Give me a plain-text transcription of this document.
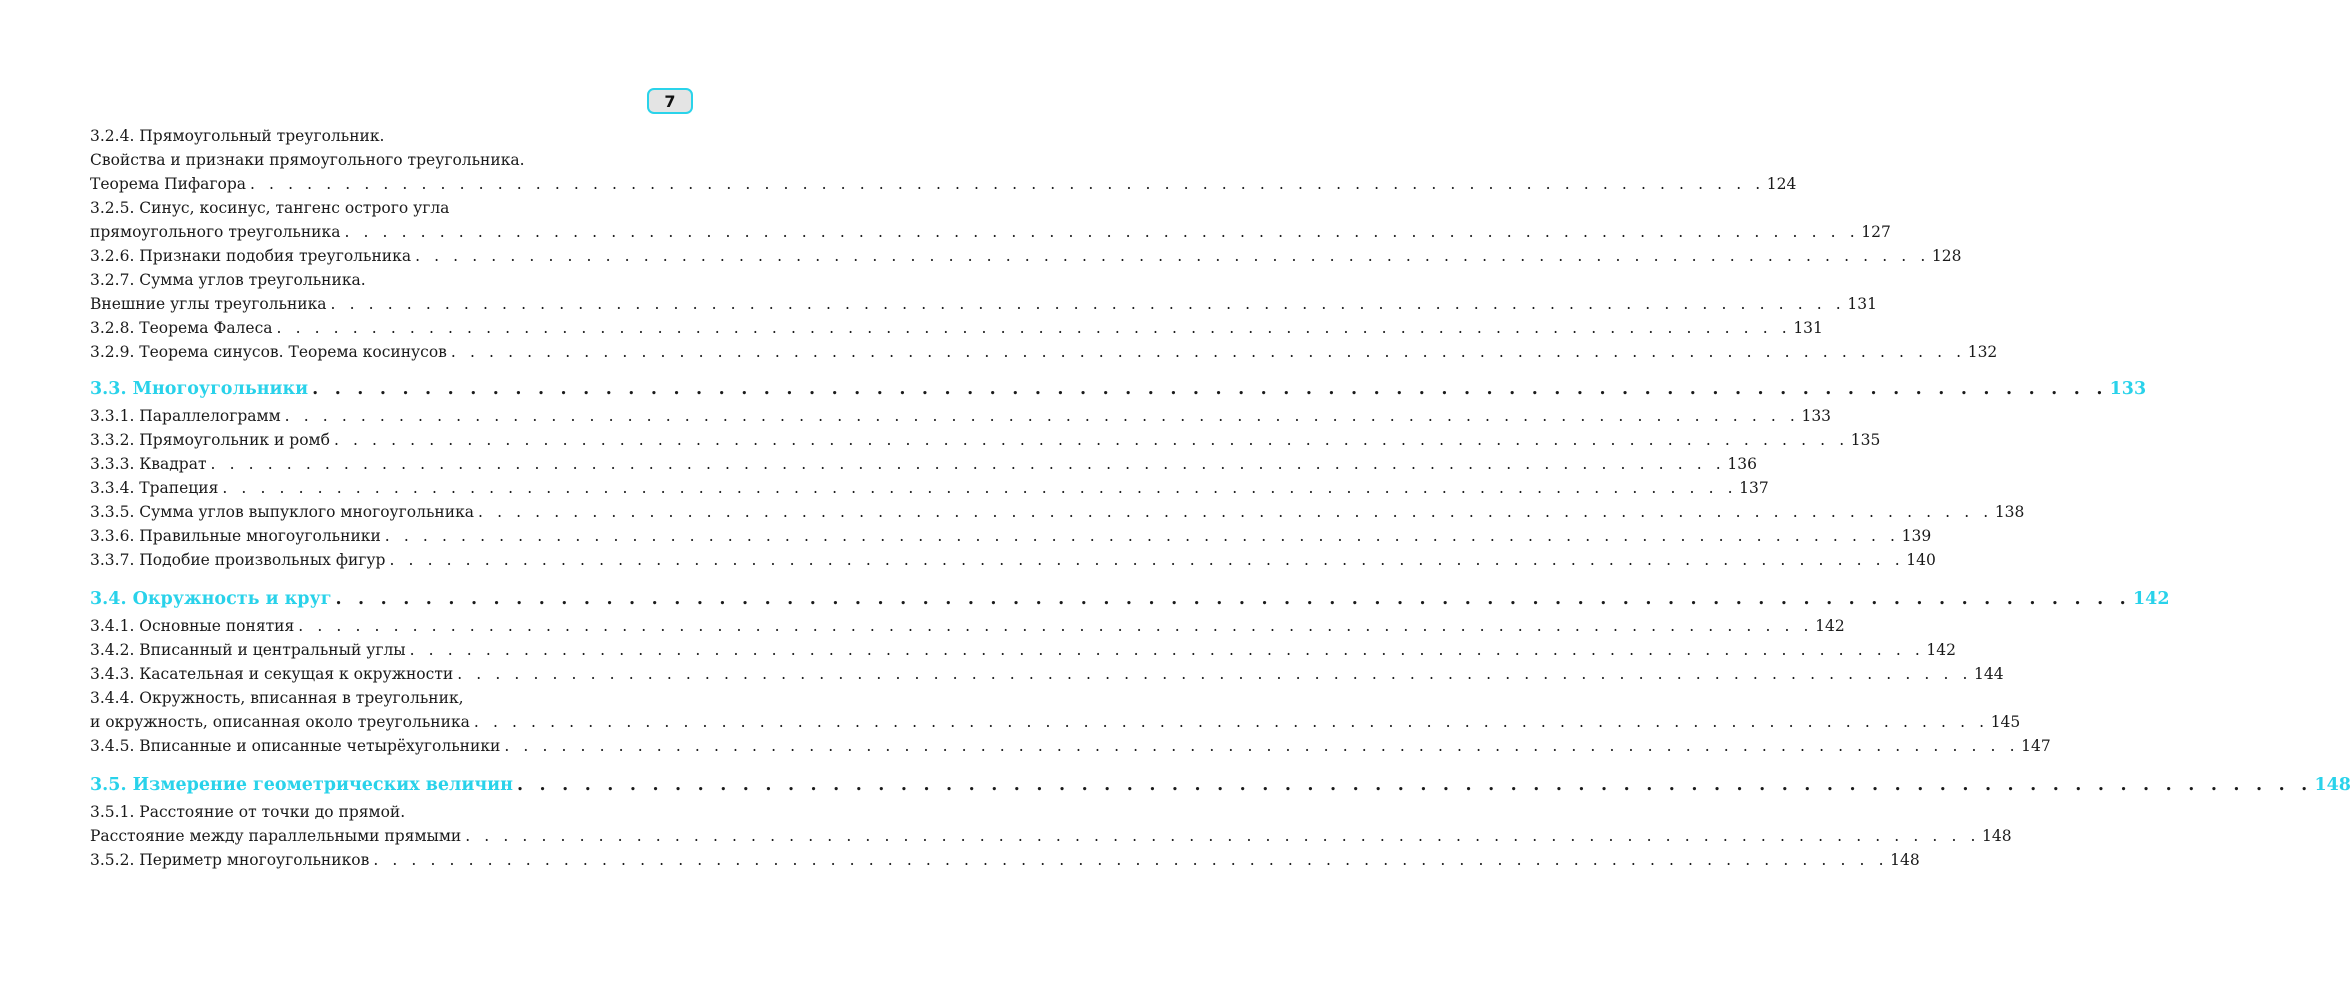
7
3.2.4. Прямоугольный треугольник.
Свойства и признаки прямоугольного треугольника.
Теорема Пифагора . . . . . . . . . . . . . . . . . . . . . . . . . . . . . . . . . . . . . . . . . . . . . . . . . . . . . . . . . . . . . . . . . . . . . . . . . . . . . . . . 124
3.2.5. Синус, косинус, тангенс острого угла
прямоугольного треугольника . . . . . . . . . . . . . . . . . . . . . . . . . . . . . . . . . . . . . . . . . . . . . . . . . . . . . . . . . . . . . . . . . . . . . . . . . . . . . . . . 127
3.2.6. Признаки подобия треугольника . . . . . . . . . . . . . . . . . . . . . . . . . . . . . . . . . . . . . . . . . . . . . . . . . . . . . . . . . . . . . . . . . . . . . . . . . . . . . . . . 128
3.2.7. Сумма углов треугольника.
Внешние углы треугольника . . . . . . . . . . . . . . . . . . . . . . . . . . . . . . . . . . . . . . . . . . . . . . . . . . . . . . . . . . . . . . . . . . . . . . . . . . . . . . . . 131
3.2.8. Теорема Фалеса . . . . . . . . . . . . . . . . . . . . . . . . . . . . . . . . . . . . . . . . . . . . . . . . . . . . . . . . . . . . . . . . . . . . . . . . . . . . . . . . 131
3.2.9. Теорема синусов. Теорема косинусов . . . . . . . . . . . . . . . . . . . . . . . . . . . . . . . . . . . . . . . . . . . . . . . . . . . . . . . . . . . . . . . . . . . . . . . . . . . . . . . . 132
3.3. Многоугольники . . . . . . . . . . . . . . . . . . . . . . . . . . . . . . . . . . . . . . . . . . . . . . . . . . . . . . . . . . . . . . . . . . . . . . . . . . . . . . . . 133
3.3.1. Параллелограмм . . . . . . . . . . . . . . . . . . . . . . . . . . . . . . . . . . . . . . . . . . . . . . . . . . . . . . . . . . . . . . . . . . . . . . . . . . . . . . . . 133
3.3.2. Прямоугольник и ромб . . . . . . . . . . . . . . . . . . . . . . . . . . . . . . . . . . . . . . . . . . . . . . . . . . . . . . . . . . . . . . . . . . . . . . . . . . . . . . . . 135
3.3.3. Квадрат . . . . . . . . . . . . . . . . . . . . . . . . . . . . . . . . . . . . . . . . . . . . . . . . . . . . . . . . . . . . . . . . . . . . . . . . . . . . . . . . 136
3.3.4. Трапеция . . . . . . . . . . . . . . . . . . . . . . . . . . . . . . . . . . . . . . . . . . . . . . . . . . . . . . . . . . . . . . . . . . . . . . . . . . . . . . . . 137
3.3.5. Сумма углов выпуклого многоугольника . . . . . . . . . . . . . . . . . . . . . . . . . . . . . . . . . . . . . . . . . . . . . . . . . . . . . . . . . . . . . . . . . . . . . . . . . . . . . . . . 138
3.3.6. Правильные многоугольники . . . . . . . . . . . . . . . . . . . . . . . . . . . . . . . . . . . . . . . . . . . . . . . . . . . . . . . . . . . . . . . . . . . . . . . . . . . . . . . . 139
3.3.7. Подобие произвольных фигур . . . . . . . . . . . . . . . . . . . . . . . . . . . . . . . . . . . . . . . . . . . . . . . . . . . . . . . . . . . . . . . . . . . . . . . . . . . . . . . . 140
3.4. Окружность и круг . . . . . . . . . . . . . . . . . . . . . . . . . . . . . . . . . . . . . . . . . . . . . . . . . . . . . . . . . . . . . . . . . . . . . . . . . . . . . . . . 142
3.4.1. Основные понятия . . . . . . . . . . . . . . . . . . . . . . . . . . . . . . . . . . . . . . . . . . . . . . . . . . . . . . . . . . . . . . . . . . . . . . . . . . . . . . . . 142
3.4.2. Вписанный и центральный углы . . . . . . . . . . . . . . . . . . . . . . . . . . . . . . . . . . . . . . . . . . . . . . . . . . . . . . . . . . . . . . . . . . . . . . . . . . . . . . . . 142
3.4.3. Касательная и секущая к окружности . . . . . . . . . . . . . . . . . . . . . . . . . . . . . . . . . . . . . . . . . . . . . . . . . . . . . . . . . . . . . . . . . . . . . . . . . . . . . . . . 144
3.4.4. Окружность, вписанная в треугольник,
и окружность, описанная около треугольника . . . . . . . . . . . . . . . . . . . . . . . . . . . . . . . . . . . . . . . . . . . . . . . . . . . . . . . . . . . . . . . . . . . . . . . . . . . . . . . . 145
3.4.5. Вписанные и описанные четырёхугольники . . . . . . . . . . . . . . . . . . . . . . . . . . . . . . . . . . . . . . . . . . . . . . . . . . . . . . . . . . . . . . . . . . . . . . . . . . . . . . . . 147
3.5. Измерение геометрических величин . . . . . . . . . . . . . . . . . . . . . . . . . . . . . . . . . . . . . . . . . . . . . . . . . . . . . . . . . . . . . . . . . . . . . . . . . . . . . . . . 148
3.5.1. Расстояние от точки до прямой.
Расстояние между параллельными прямыми . . . . . . . . . . . . . . . . . . . . . . . . . . . . . . . . . . . . . . . . . . . . . . . . . . . . . . . . . . . . . . . . . . . . . . . . . . . . . . . . 148
3.5.2. Периметр многоугольников . . . . . . . . . . . . . . . . . . . . . . . . . . . . . . . . . . . . . . . . . . . . . . . . . . . . . . . . . . . . . . . . . . . . . . . . . . . . . . . . 148
